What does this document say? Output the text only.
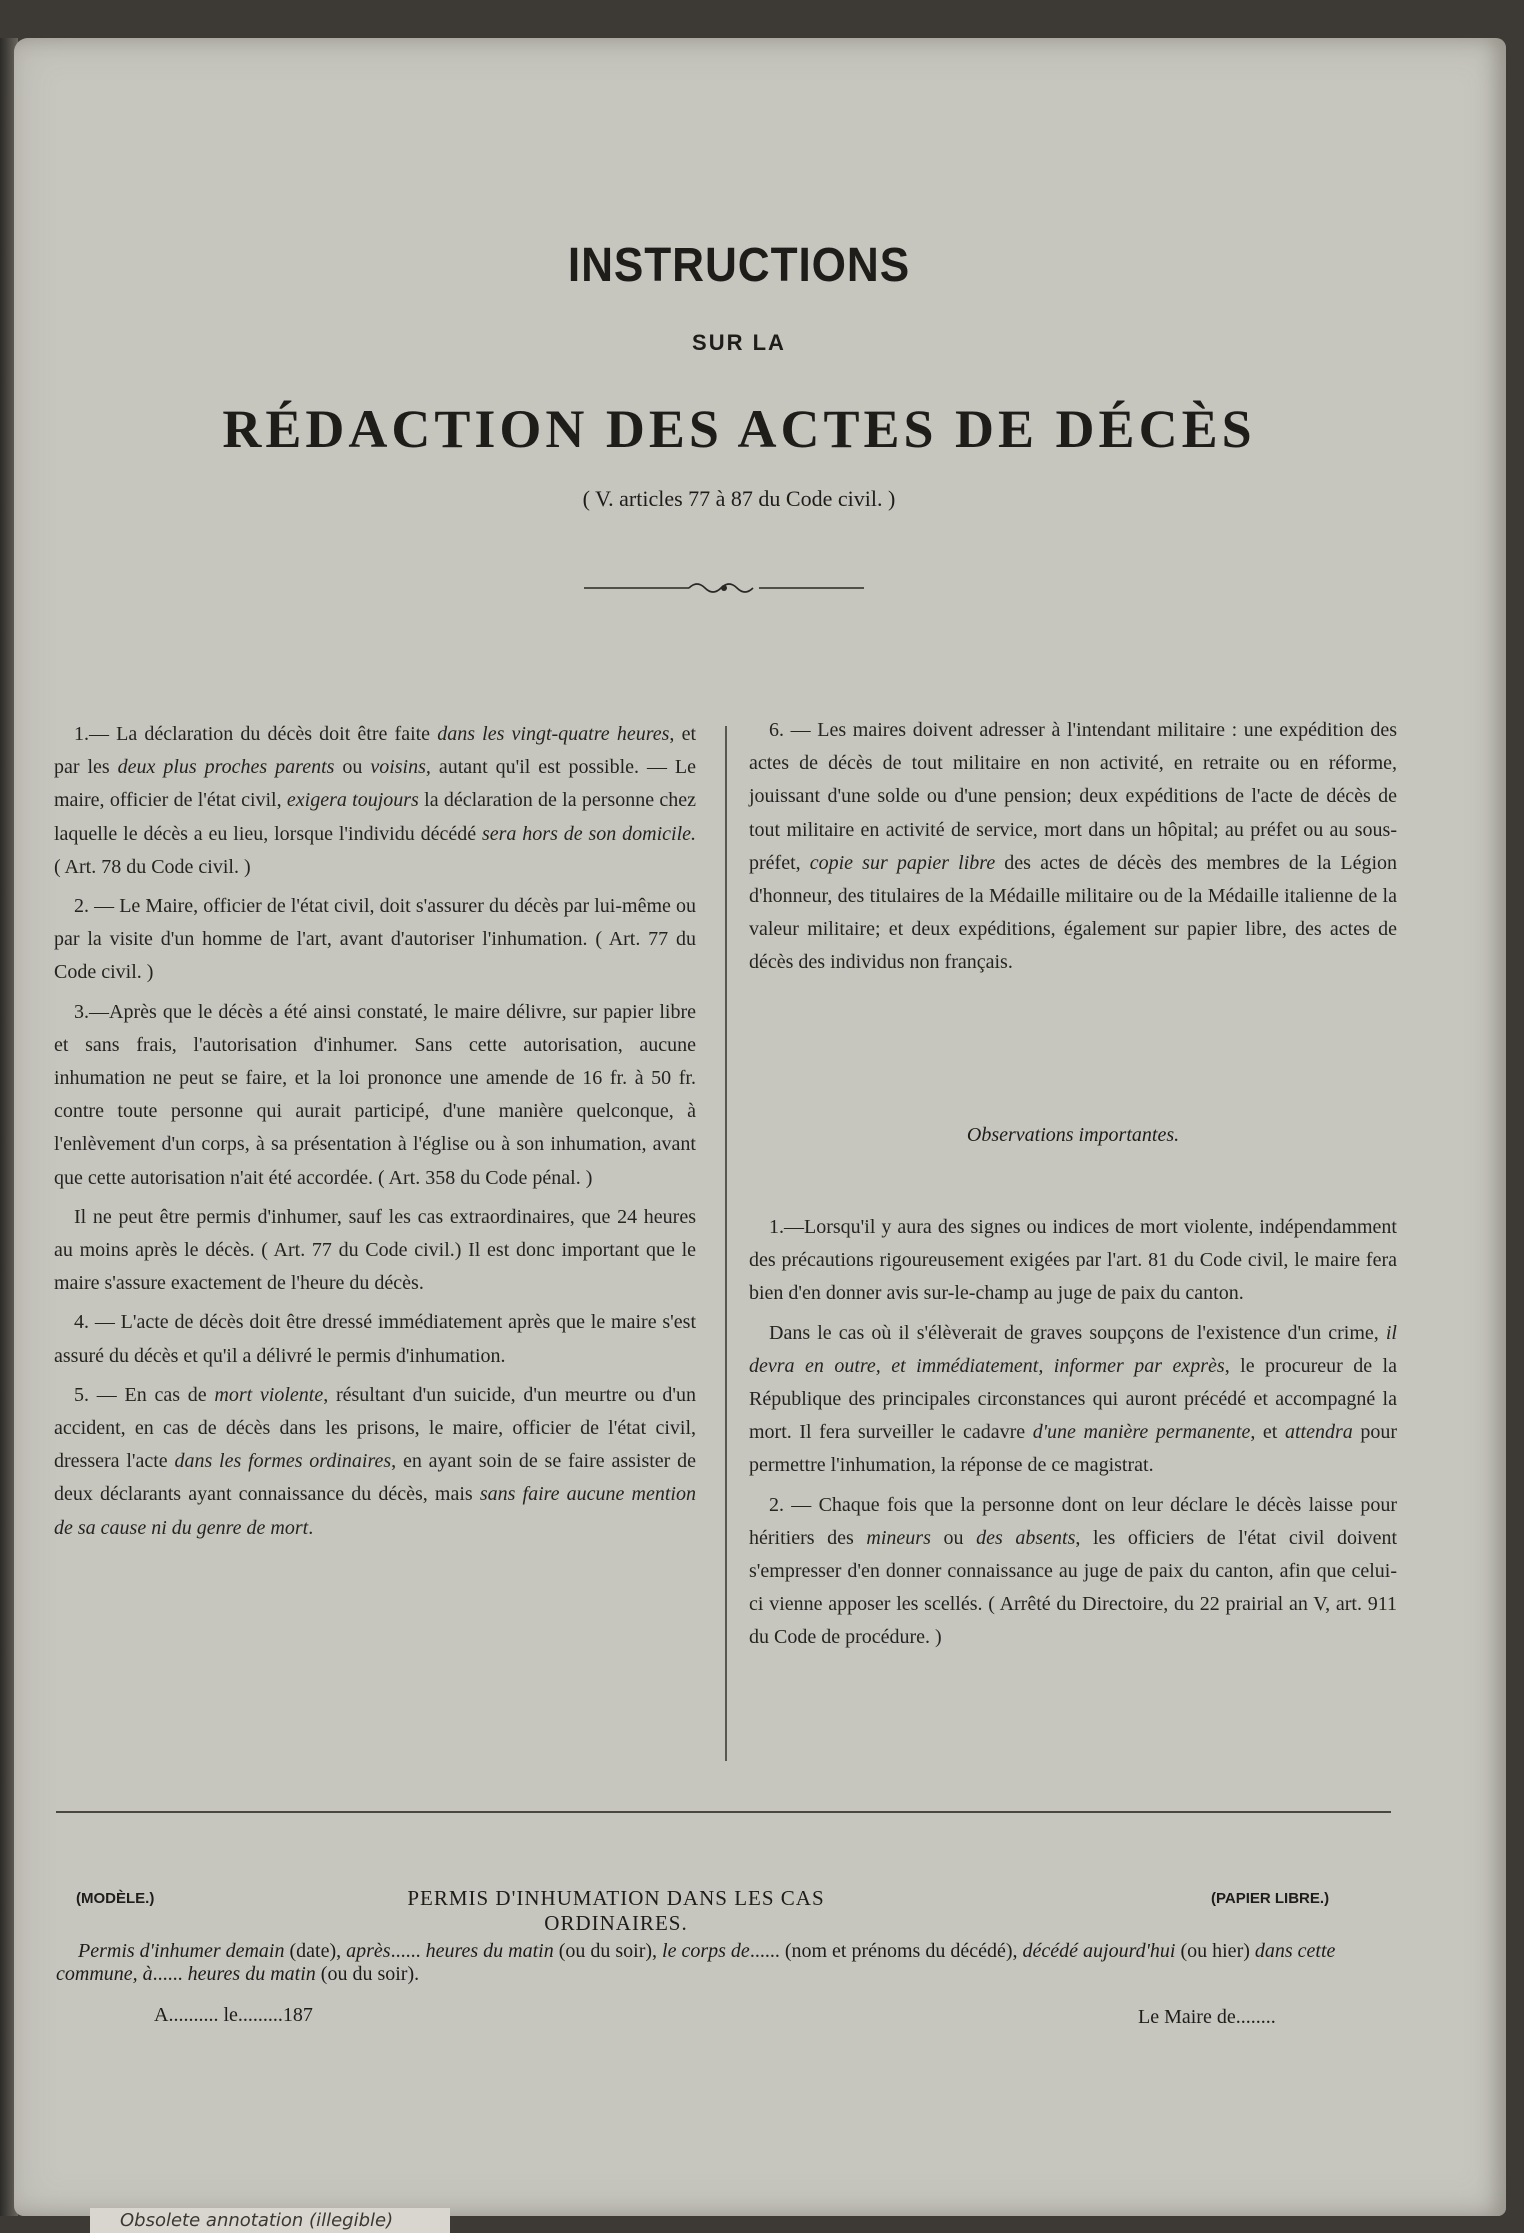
INSTRUCTIONS
SUR LA
RÉDACTION DES ACTES DE DÉCÈS
( V. articles 77 à 87 du Code civil. )

1.— La déclaration du décès doit être faite dans les vingt-quatre heures, et par les deux plus proches parents ou voisins, autant qu'il est possible. — Le maire, officier de l'état civil, exigera toujours la déclaration de la personne chez laquelle le décès a eu lieu, lorsque l'individu décédé sera hors de son domicile. ( Art. 78 du Code civil. )

2. — Le Maire, officier de l'état civil, doit s'assurer du décès par lui-même ou par la visite d'un homme de l'art, avant d'autoriser l'inhumation. ( Art. 77 du Code civil. )

3.—Après que le décès a été ainsi constaté, le maire délivre, sur papier libre et sans frais, l'autorisation d'inhumer. Sans cette autorisation, aucune inhumation ne peut se faire, et la loi prononce une amende de 16 fr. à 50 fr. contre toute personne qui aurait participé, d'une manière quelconque, à l'enlèvement d'un corps, à sa présentation à l'église ou à son inhumation, avant que cette autorisation n'ait été accordée. ( Art. 358 du Code pénal. )

Il ne peut être permis d'inhumer, sauf les cas extraordinaires, que 24 heures au moins après le décès. ( Art. 77 du Code civil.) Il est donc important que le maire s'assure exactement de l'heure du décès.

4. — L'acte de décès doit être dressé immédiatement après que le maire s'est assuré du décès et qu'il a délivré le permis d'inhumation.

5. — En cas de mort violente, résultant d'un suicide, d'un meurtre ou d'un accident, en cas de décès dans les prisons, le maire, officier de l'état civil, dressera l'acte dans les formes ordinaires, en ayant soin de se faire assister de deux déclarants ayant connaissance du décès, mais sans faire aucune mention de sa cause ni du genre de mort.

6. — Les maires doivent adresser à l'intendant militaire : une expédition des actes de décès de tout militaire en non activité, en retraite ou en réforme, jouissant d'une solde ou d'une pension; deux expéditions de l'acte de décès de tout militaire en activité de service, mort dans un hôpital; au préfet ou au sous-préfet, copie sur papier libre des actes de décès des membres de la Légion d'honneur, des titulaires de la Médaille militaire ou de la Médaille italienne de la valeur militaire; et deux expéditions, également sur papier libre, des actes de décès des individus non français.

Observations importantes.

1.—Lorsqu'il y aura des signes ou indices de mort violente, indépendamment des précautions rigoureusement exigées par l'art. 81 du Code civil, le maire fera bien d'en donner avis sur-le-champ au juge de paix du canton.

Dans le cas où il s'élèverait de graves soupçons de l'existence d'un crime, il devra en outre, et immédiatement, informer par exprès, le procureur de la République des principales circonstances qui auront précédé et accompagné la mort. Il fera surveiller le cadavre d'une manière permanente, et attendra pour permettre l'inhumation, la réponse de ce magistrat.

2. — Chaque fois que la personne dont on leur déclare le décès laisse pour héritiers des mineurs ou des absents, les officiers de l'état civil doivent s'empresser d'en donner connaissance au juge de paix du canton, afin que celui-ci vienne apposer les scellés. ( Arrêté du Directoire, du 22 prairial an V, art. 911 du Code de procédure. )

(MODÈLE.)	PERMIS D'INHUMATION DANS LES CAS ORDINAIRES.
(PAPIER LIBRE.)
Permis d'inhumer demain (date), après...... heures du matin (ou du soir), le corps de...... (nom et prénoms du décédé), décédé aujourd'hui (ou hier) dans cette commune, à...... heures du matin (ou du soir).
A.......... le.........187	Le Maire de........
Obsolete annotation (illegible)
